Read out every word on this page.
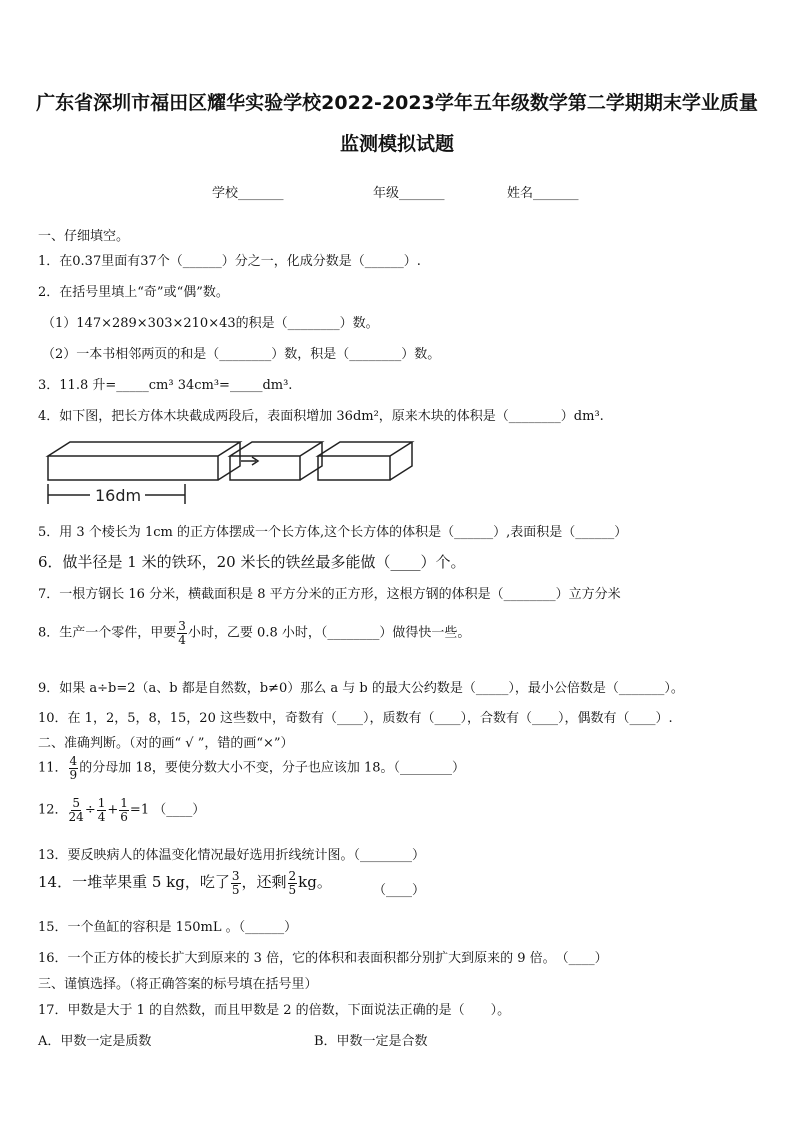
广东省深圳市福田区耀华实验学校2022-2023学年五年级数学第二学期期末学业质量
监测模拟试题
学校_______	年级_______	姓名_______
一、仔细填空。
1．在0.37里面有37个（______）分之一，化成分数是（______）.
2．在括号里填上“奇”或“偶”数。
（1）147×289×303×210×43的积是（________）数。
（2）一本书相邻两页的和是（________）数，积是（________）数。
3．11.8 升=_____cm³ 34cm³=_____dm³.
4．如下图，把长方体木块截成两段后，表面积增加 36dm²，原来木块的体积是（________）dm³.
16dm
5．用 3 个棱长为 1cm 的正方体摆成一个长方体,这个长方体的体积是（______）,表面积是（______）
6．做半径是 1 米的铁环，20 米长的铁丝最多能做（____）个。
7．一根方钢长 16 分米，横截面积是 8 平方分米的正方形，这根方钢的体积是（________）立方分米
8．生产一个零件，甲要 $\frac{3}{4}$ 小时，乙要 0.8 小时，（________）做得快一些。
9．如果 a÷b=2（a、b 都是自然数，b≠0）那么 a 与 b 的最大公约数是（_____），最小公倍数是（_______）。
10．在 1，2，5，8，15，20 这些数中，奇数有（____），质数有（____），合数有（____），偶数有（____）.
二、准确判断。（对的画“ √ ”，错的画“×”）
11． $\frac{4}{9}$ 的分母加 18，要使分数大小不变，分子也应该加 18。（________）
12． $\frac{5}{24} \div \frac{1}{4} + \frac{1}{6} =1$ （____）
13．要反映病人的体温变化情况最好选用折线统计图。（________）
14．一堆苹果重 5 kg，吃了 $\frac{3}{5}$ ，还剩 $\frac{2}{5}$ kg。	（____）
15．一个鱼缸的容积是 150mL 。（______）
16．一个正方体的棱长扩大到原来的 3 倍，它的体积和表面积都分别扩大到原来的 9 倍。　（____）
三、谨慎选择。（将正确答案的标号填在括号里）
17．甲数是大于 1 的自然数，而且甲数是 2 的倍数，下面说法正确的是（　　）。
A．甲数一定是质数	B．甲数一定是合数
